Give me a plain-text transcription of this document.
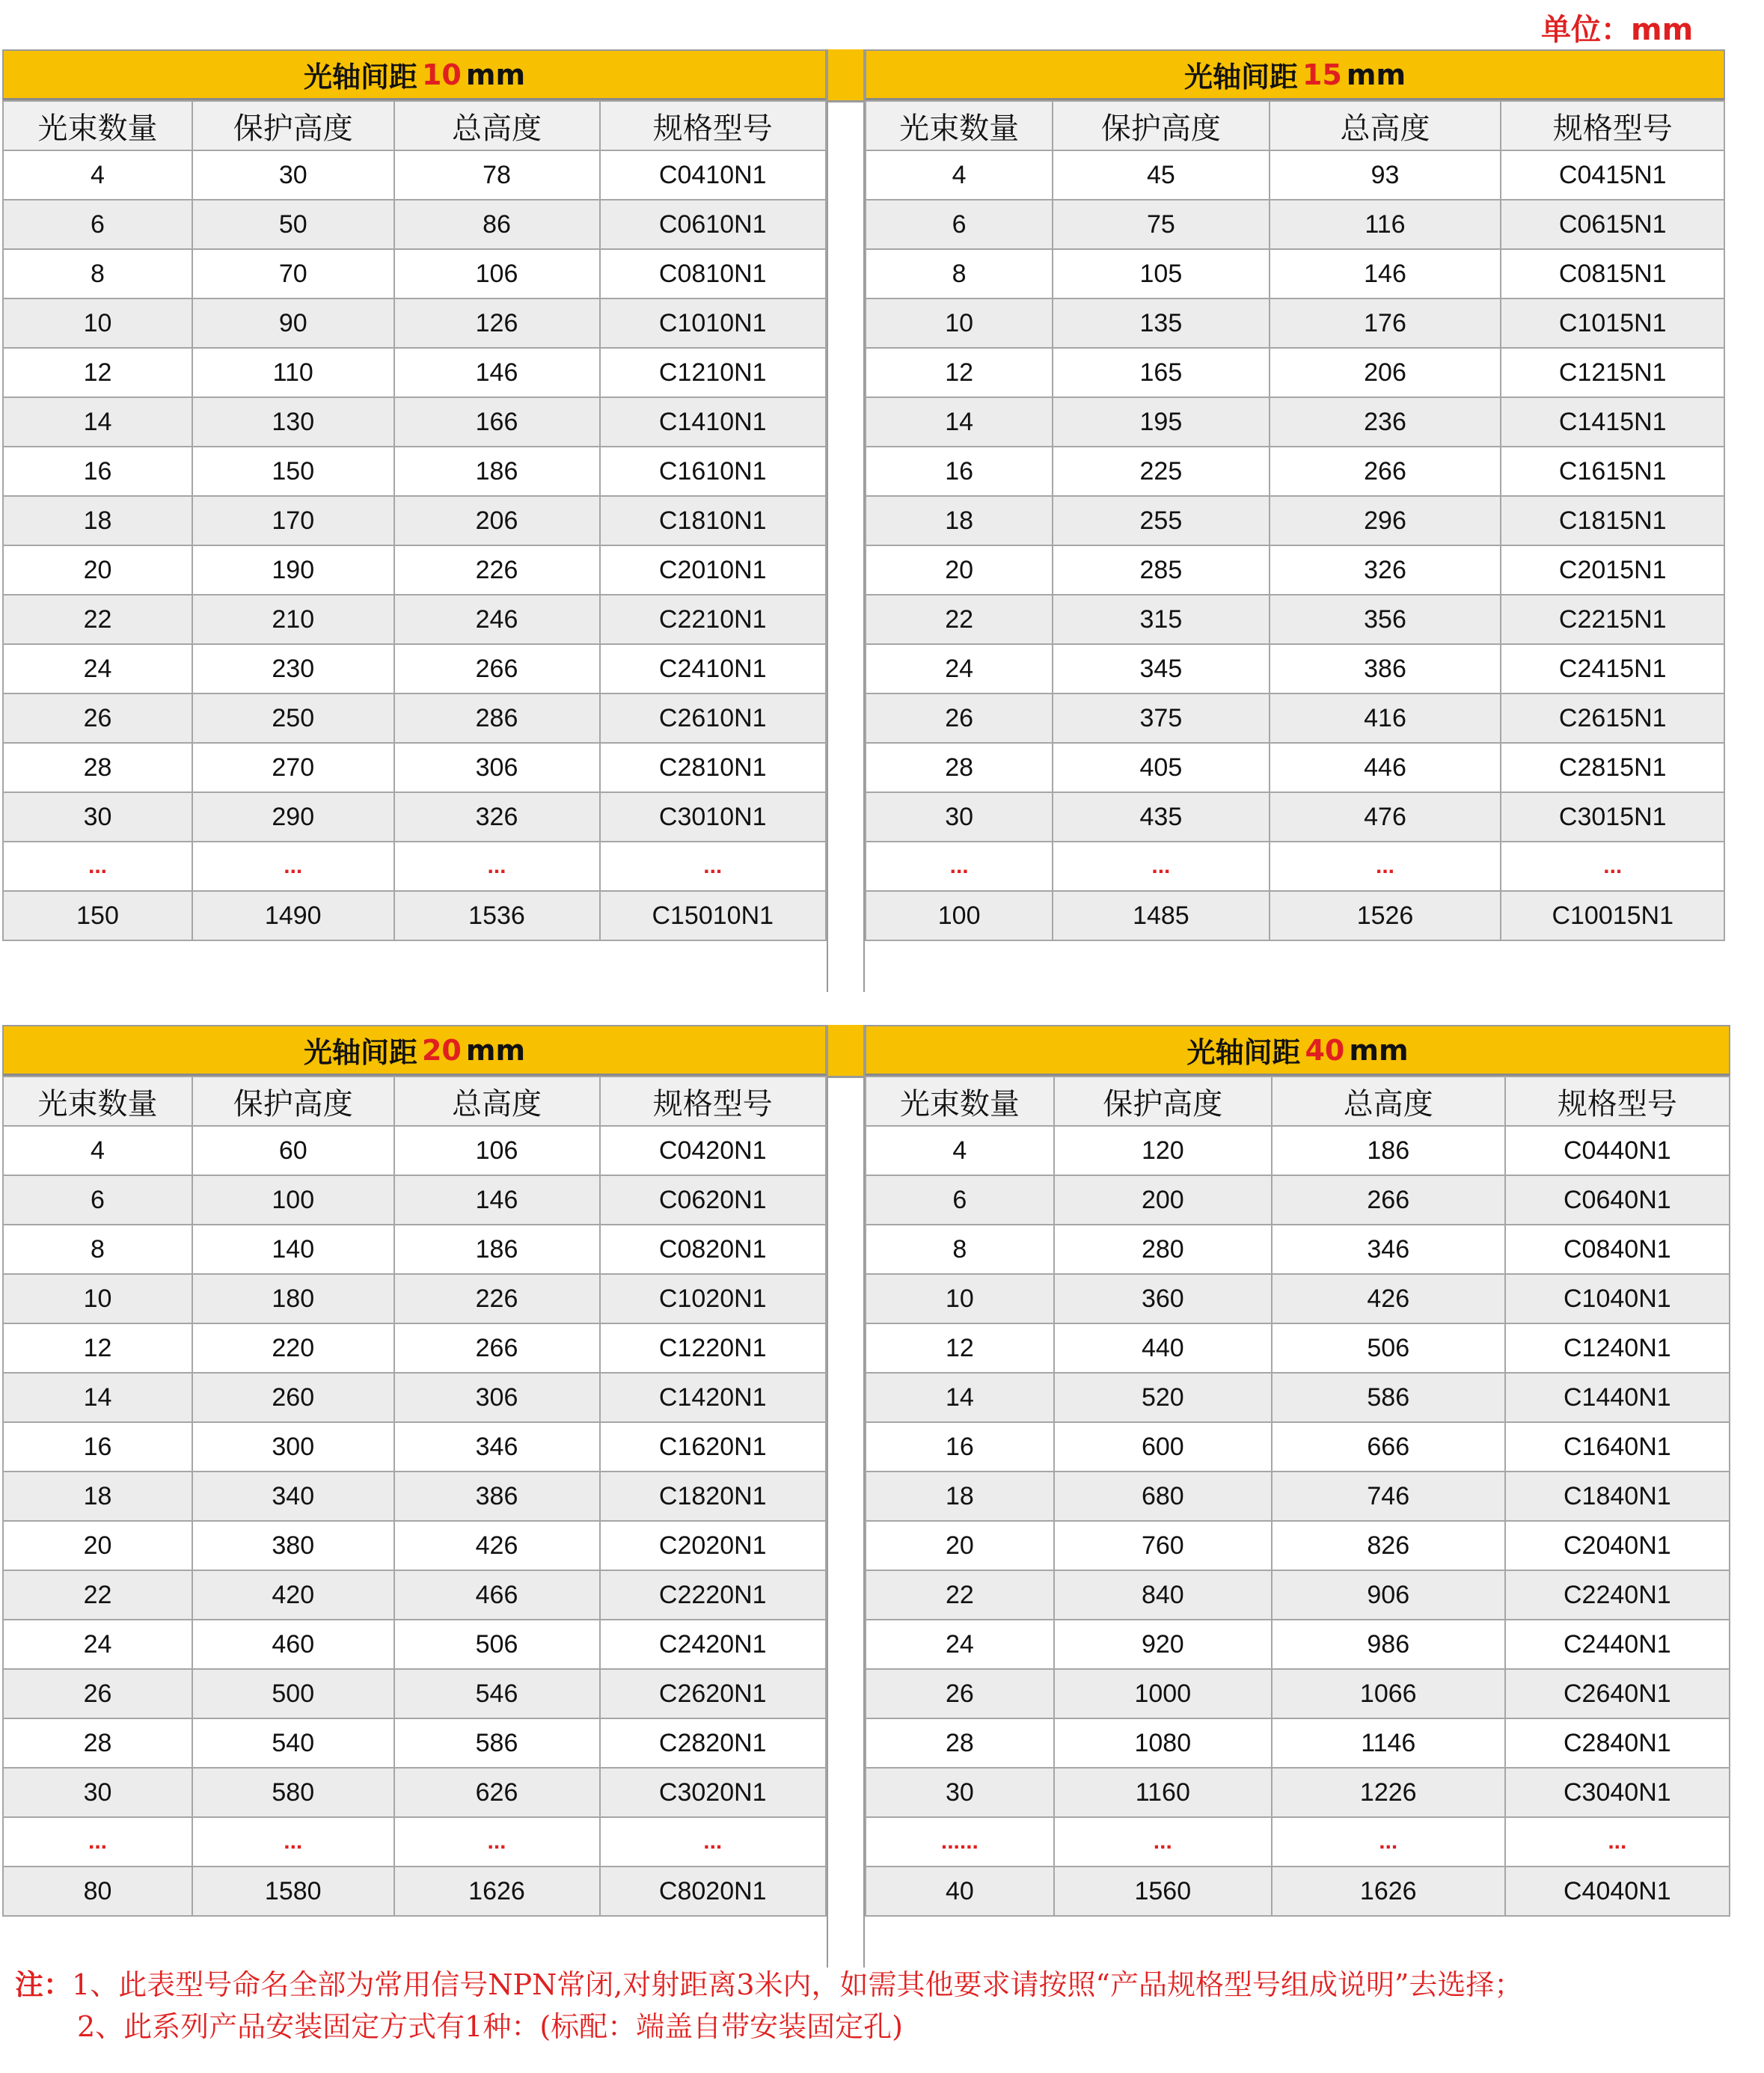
单位：mm
光轴间距 10 mm
光束数量	保护高度	总高度	规格型号
4	30	78	C0410N1
6	50	86	C0610N1
8	70	106	C0810N1
10	90	126	C1010N1
12	110	146	C1210N1
14	130	166	C1410N1
16	150	186	C1610N1
18	170	206	C1810N1
20	190	226	C2010N1
22	210	246	C2210N1
24	230	266	C2410N1
26	250	286	C2610N1
28	270	306	C2810N1
30	290	326	C3010N1
...	...	...	...
150	1490	1536	C15010N1
光轴间距 15 mm
光束数量	保护高度	总高度	规格型号
4	45	93	C0415N1
6	75	116	C0615N1
8	105	146	C0815N1
10	135	176	C1015N1
12	165	206	C1215N1
14	195	236	C1415N1
16	225	266	C1615N1
18	255	296	C1815N1
20	285	326	C2015N1
22	315	356	C2215N1
24	345	386	C2415N1
26	375	416	C2615N1
28	405	446	C2815N1
30	435	476	C3015N1
...	...	...	...
100	1485	1526	C10015N1
光轴间距 20 mm
光束数量	保护高度	总高度	规格型号
4	60	106	C0420N1
6	100	146	C0620N1
8	140	186	C0820N1
10	180	226	C1020N1
12	220	266	C1220N1
14	260	306	C1420N1
16	300	346	C1620N1
18	340	386	C1820N1
20	380	426	C2020N1
22	420	466	C2220N1
24	460	506	C2420N1
26	500	546	C2620N1
28	540	586	C2820N1
30	580	626	C3020N1
...	...	...	...
80	1580	1626	C8020N1
光轴间距 40 mm
光束数量	保护高度	总高度	规格型号
4	120	186	C0440N1
6	200	266	C0640N1
8	280	346	C0840N1
10	360	426	C1040N1
12	440	506	C1240N1
14	520	586	C1440N1
16	600	666	C1640N1
18	680	746	C1840N1
20	760	826	C2040N1
22	840	906	C2240N1
24	920	986	C2440N1
26	1000	1066	C2640N1
28	1080	1146	C2840N1
30	1160	1226	C3040N1
......	...	...	...
40	1560	1626	C4040N1
注：1、此表型号命名全部为常用信号NPN常闭,对射距离3米内，如需其他要求请按照“产品规格型号组成说明”去选择；
2、此系列产品安装固定方式有1种：(标配：端盖自带安装固定孔)
